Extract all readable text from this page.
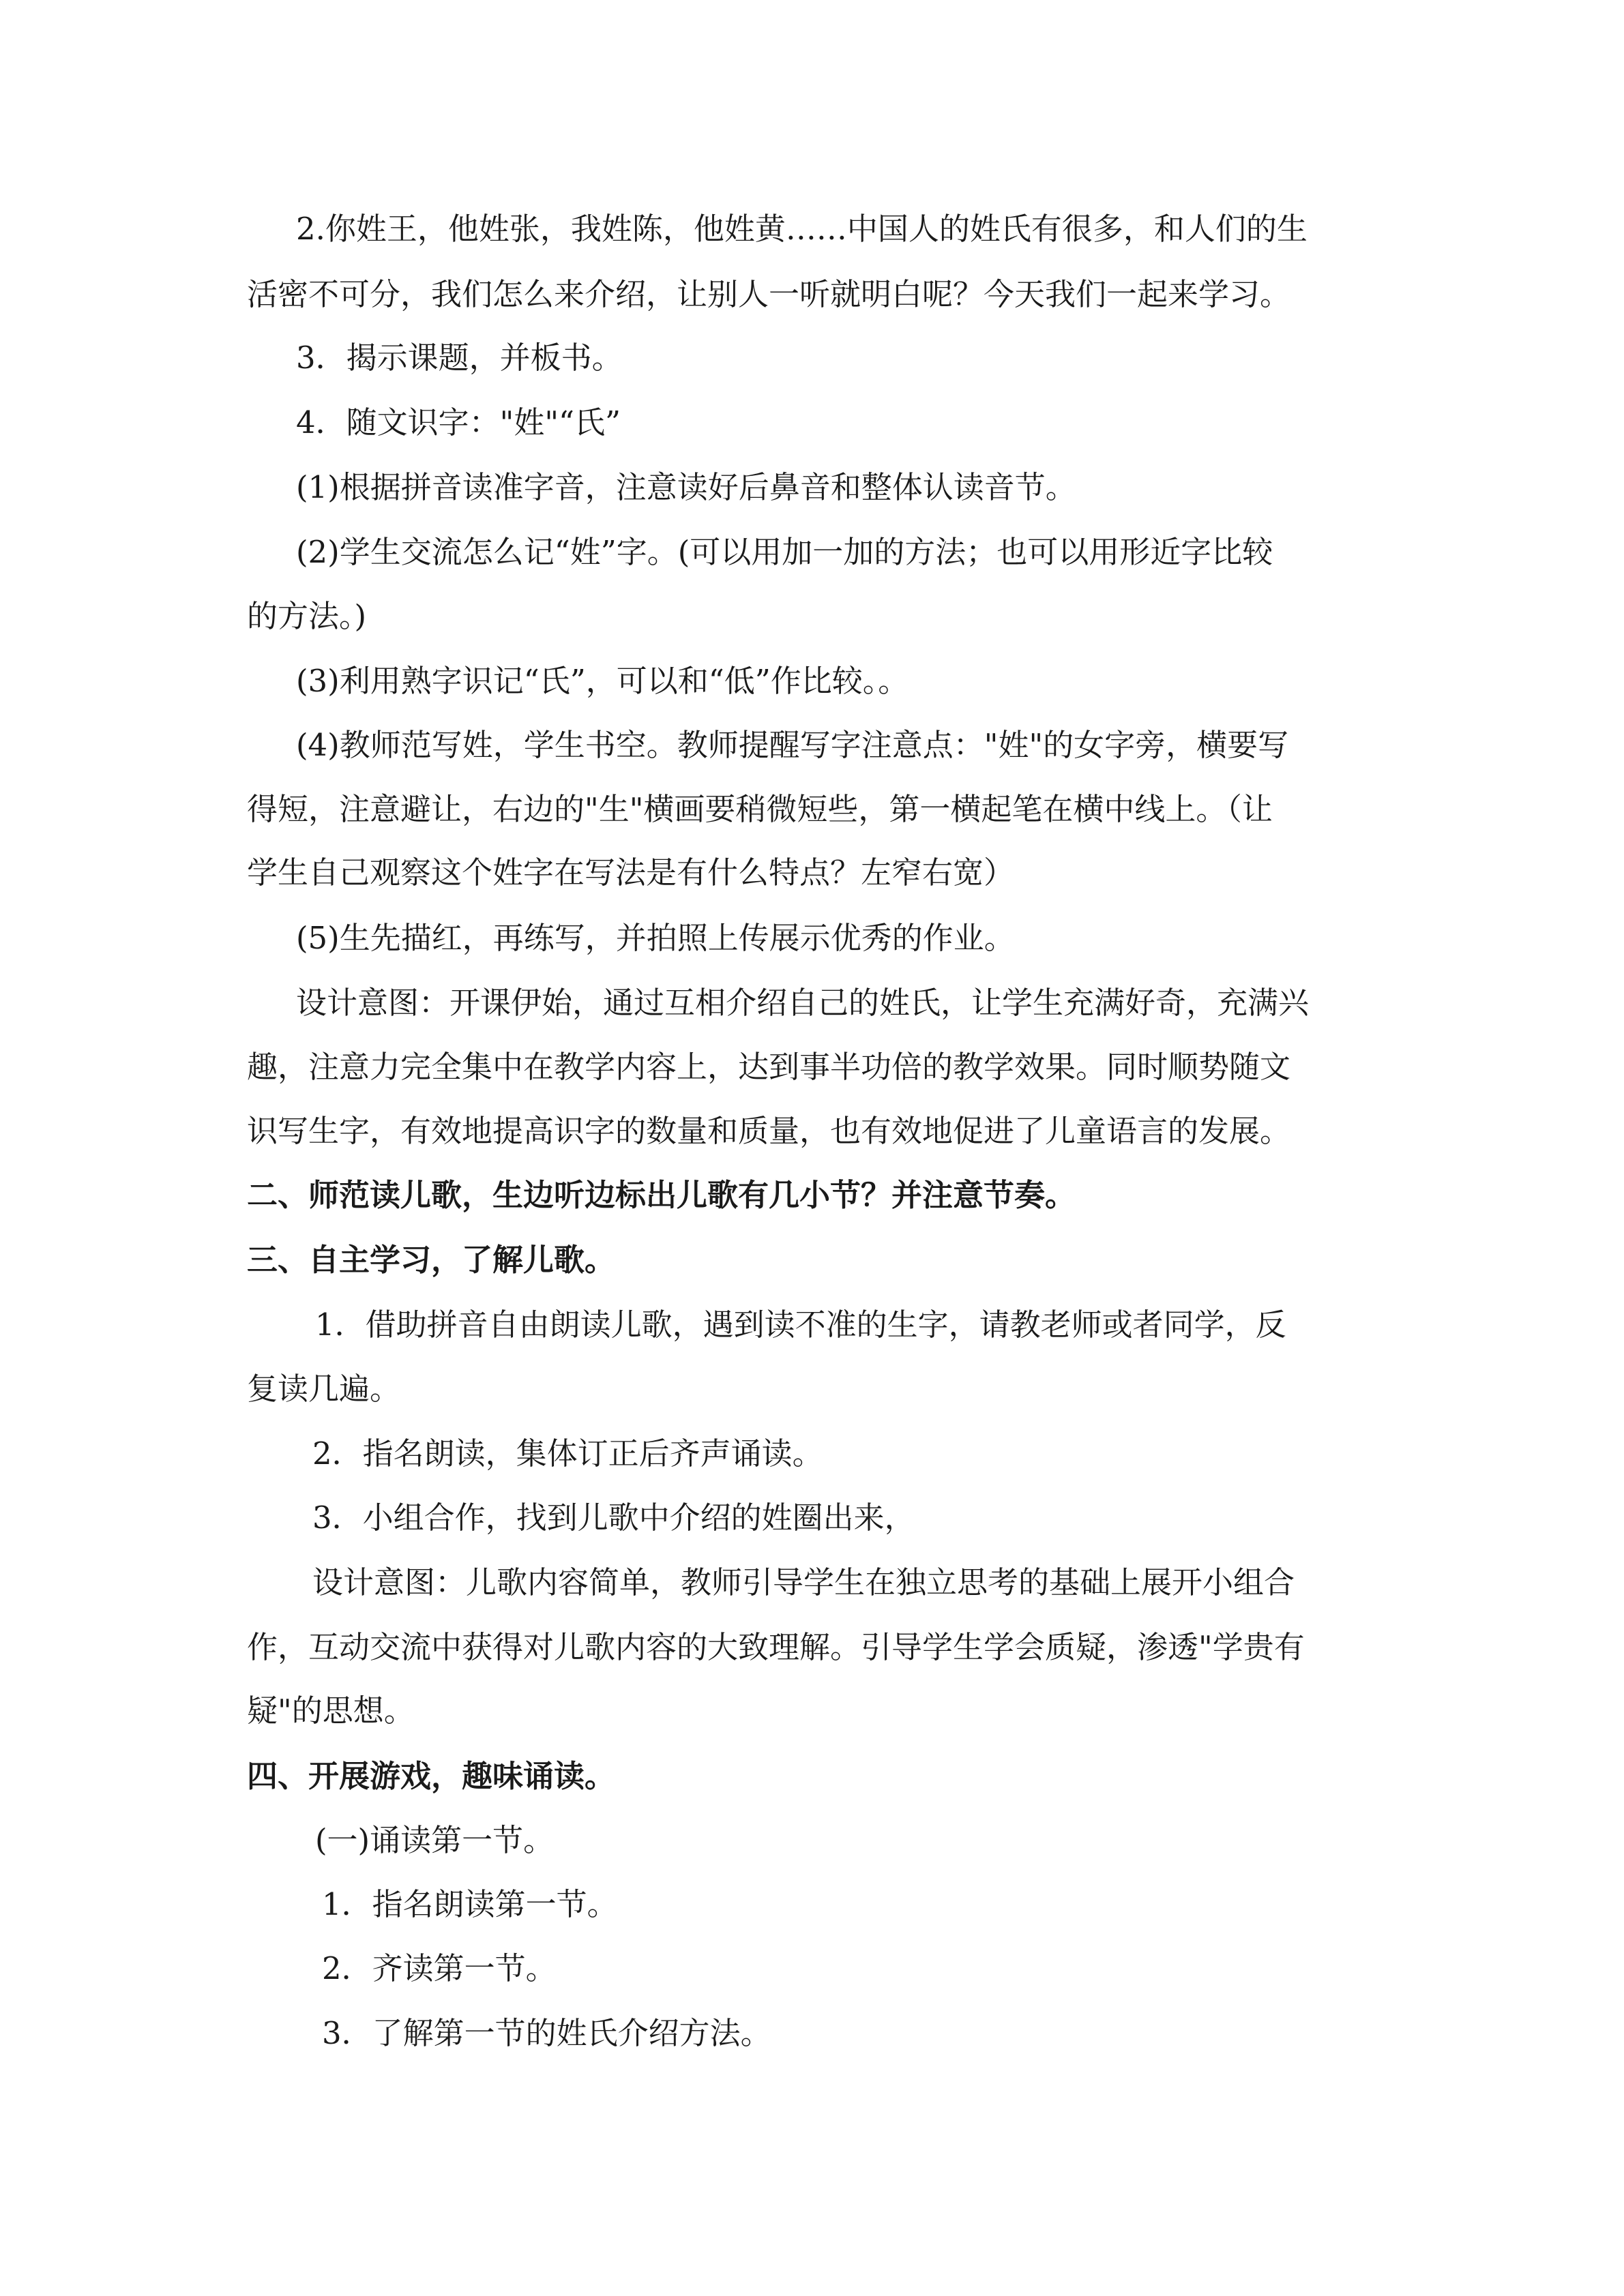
2.你姓王，他姓张，我姓陈，他姓黄……中国人的姓氏有很多，和人们的生
活密不可分，我们怎么来介绍，让别人一听就明白呢？今天我们一起来学习。
3．揭示课题，并板书。
4．随文识字："姓"“氏”
(1)根据拼音读准字音，注意读好后鼻音和整体认读音节。
(2)学生交流怎么记“姓”字。(可以用加一加的方法；也可以用形近字比较
的方法。)
(3)利用熟字识记“氏”，可以和“低”作比较。。
(4)教师范写姓，学生书空。教师提醒写字注意点："姓"的女字旁，横要写
得短，注意避让，右边的"生"横画要稍微短些，第一横起笔在横中线上。（让
学生自己观察这个姓字在写法是有什么特点？左窄右宽）
(5)生先描红，再练写，并拍照上传展示优秀的作业。
设计意图：开课伊始，通过互相介绍自己的姓氏，让学生充满好奇，充满兴
趣，注意力完全集中在教学内容上，达到事半功倍的教学效果。同时顺势随文
识写生字，有效地提高识字的数量和质量，也有效地促进了儿童语言的发展。
二、师范读儿歌，生边听边标出儿歌有几小节？并注意节奏。
三、自主学习，了解儿歌。
1．借助拼音自由朗读儿歌，遇到读不准的生字，请教老师或者同学，反
复读几遍。
2．指名朗读，集体订正后齐声诵读。
3．小组合作，找到儿歌中介绍的姓圈出来，
设计意图：儿歌内容简单，教师引导学生在独立思考的基础上展开小组合
作，互动交流中获得对儿歌内容的大致理解。引导学生学会质疑，渗透"学贵有
疑"的思想。
四、开展游戏，趣味诵读。
(一)诵读第一节。
1．指名朗读第一节。
2．齐读第一节。
3．了解第一节的姓氏介绍方法。
